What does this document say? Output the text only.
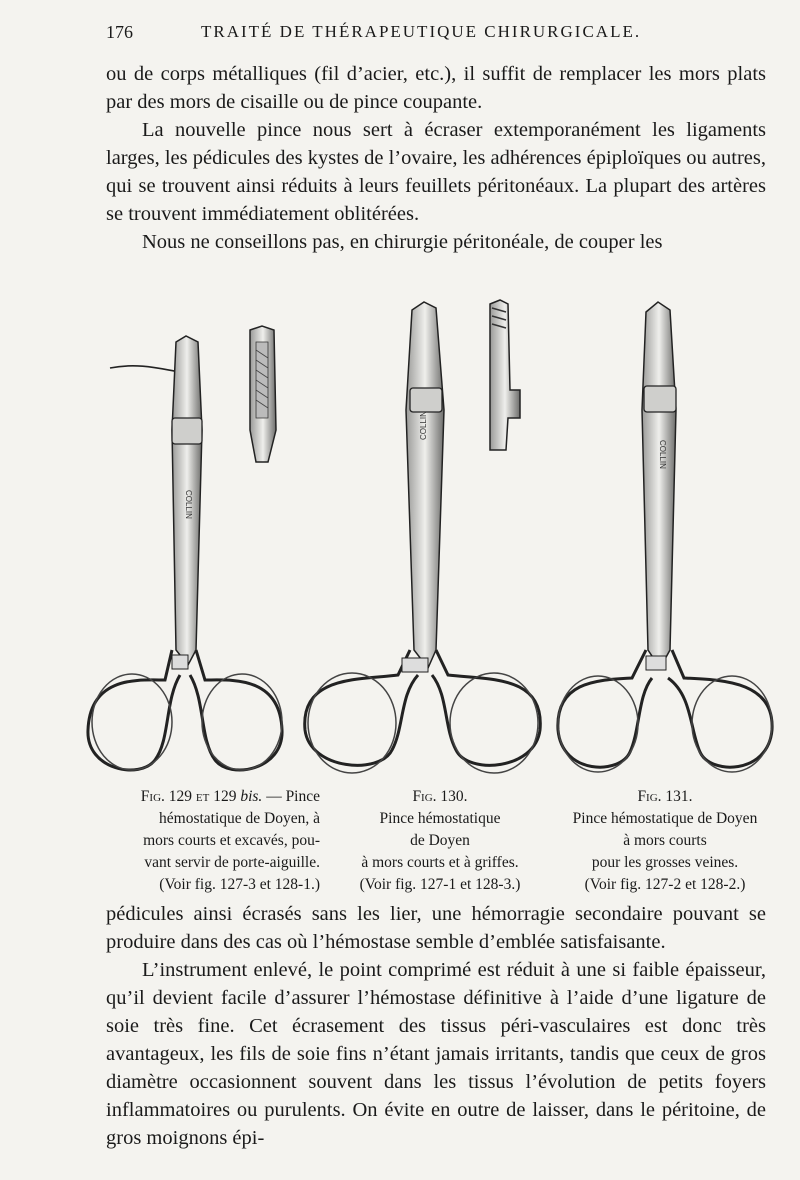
176	TRAITÉ DE THÉRAPEUTIQUE CHIRURGICALE.

ou de corps métalliques (fil d’acier, etc.), il suffit de remplacer les mors plats par des mors de cisaille ou de pince coupante.

La nouvelle pince nous sert à écraser extemporanément les ligaments larges, les pédicules des kystes de l’ovaire, les adhérences épiploïques ou autres, qui se trouvent ainsi réduits à leurs feuillets péritonéaux. La plupart des artères se trouvent immédiatement oblitérées.

Nous ne conseillons pas, en chirurgie péritonéale, de couper les

COLLIN
COLLIN
COLLIN
Fig. 129 et 129 bis. — Pince
hémostatique de Doyen, à
mors courts et excavés, pou-
vant servir de porte-aiguille.
(Voir fig. 127-3 et 128-1.)
Fig. 130.
Pince hémostatique
de Doyen
à mors courts et à griffes.
(Voir fig. 127-1 et 128-3.)
Fig. 131.
Pince hémostatique de Doyen
à mors courts
pour les grosses veines.
(Voir fig. 127-2 et 128-2.)

pédicules ainsi écrasés sans les lier, une hémorragie secondaire pouvant se produire dans des cas où l’hémostase semble d’emblée satisfaisante.

L’instrument enlevé, le point comprimé est réduit à une si faible épaisseur, qu’il devient facile d’assurer l’hémostase définitive à l’aide d’une ligature de soie très fine. Cet écrasement des tissus péri-vasculaires est donc très avantageux, les fils de soie fins n’étant jamais irritants, tandis que ceux de gros diamètre occasionnent souvent dans les tissus l’évolution de petits foyers inflammatoires ou purulents. On évite en outre de laisser, dans le péritoine, de gros moignons épi-
